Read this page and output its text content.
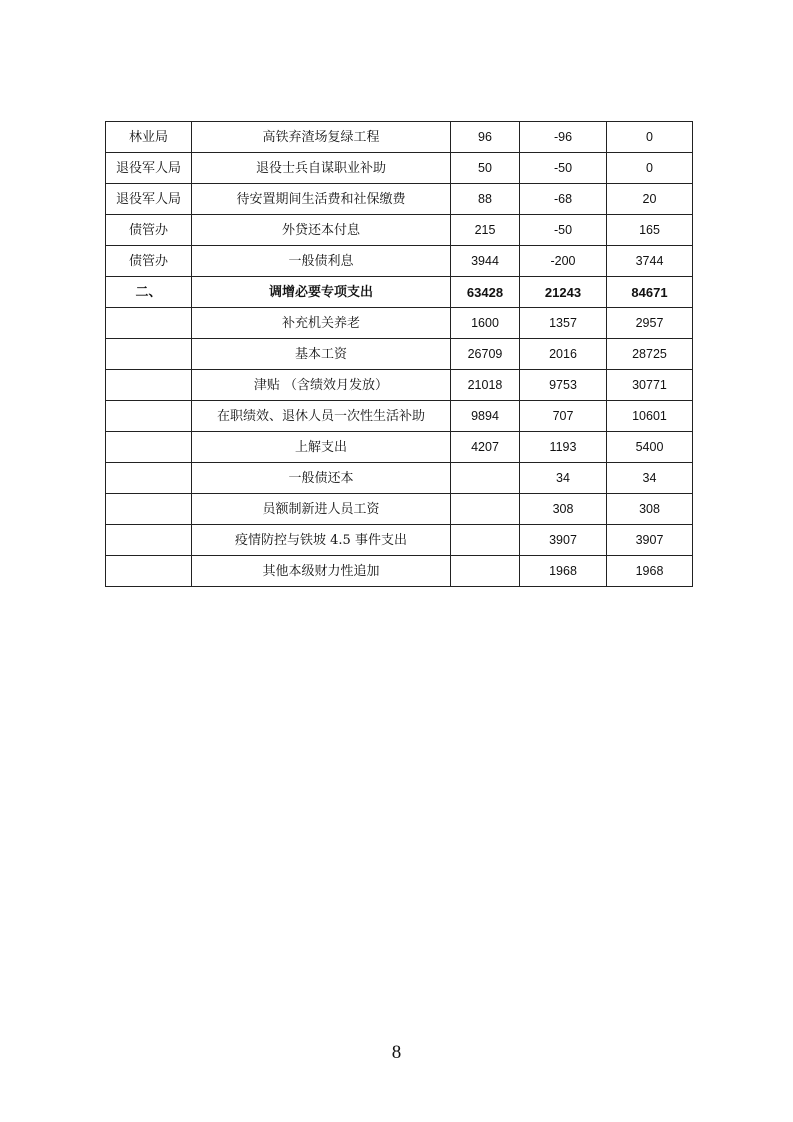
林业局	高铁弃渣场复绿工程	96	-96	0
退役军人局	退役士兵自谋职业补助	50	-50	0
退役军人局	待安置期间生活费和社保缴费	88	-68	20
债管办	外贷还本付息	215	-50	165
债管办	一般债利息	3944	-200	3744
二、	调增必要专项支出	63428	21243	84671
	补充机关养老	1600	1357	2957
	基本工资	26709	2016	28725
	津贴 （含绩效月发放）	21018	9753	30771
	在职绩效、退休人员一次性生活补助	9894	707	10601
	上解支出	4207	1193	5400
	一般债还本		34	34
	员额制新进人员工资		308	308
	疫情防控与铁坡 4.5 事件支出		3907	3907
	其他本级财力性追加		1968	1968
8
